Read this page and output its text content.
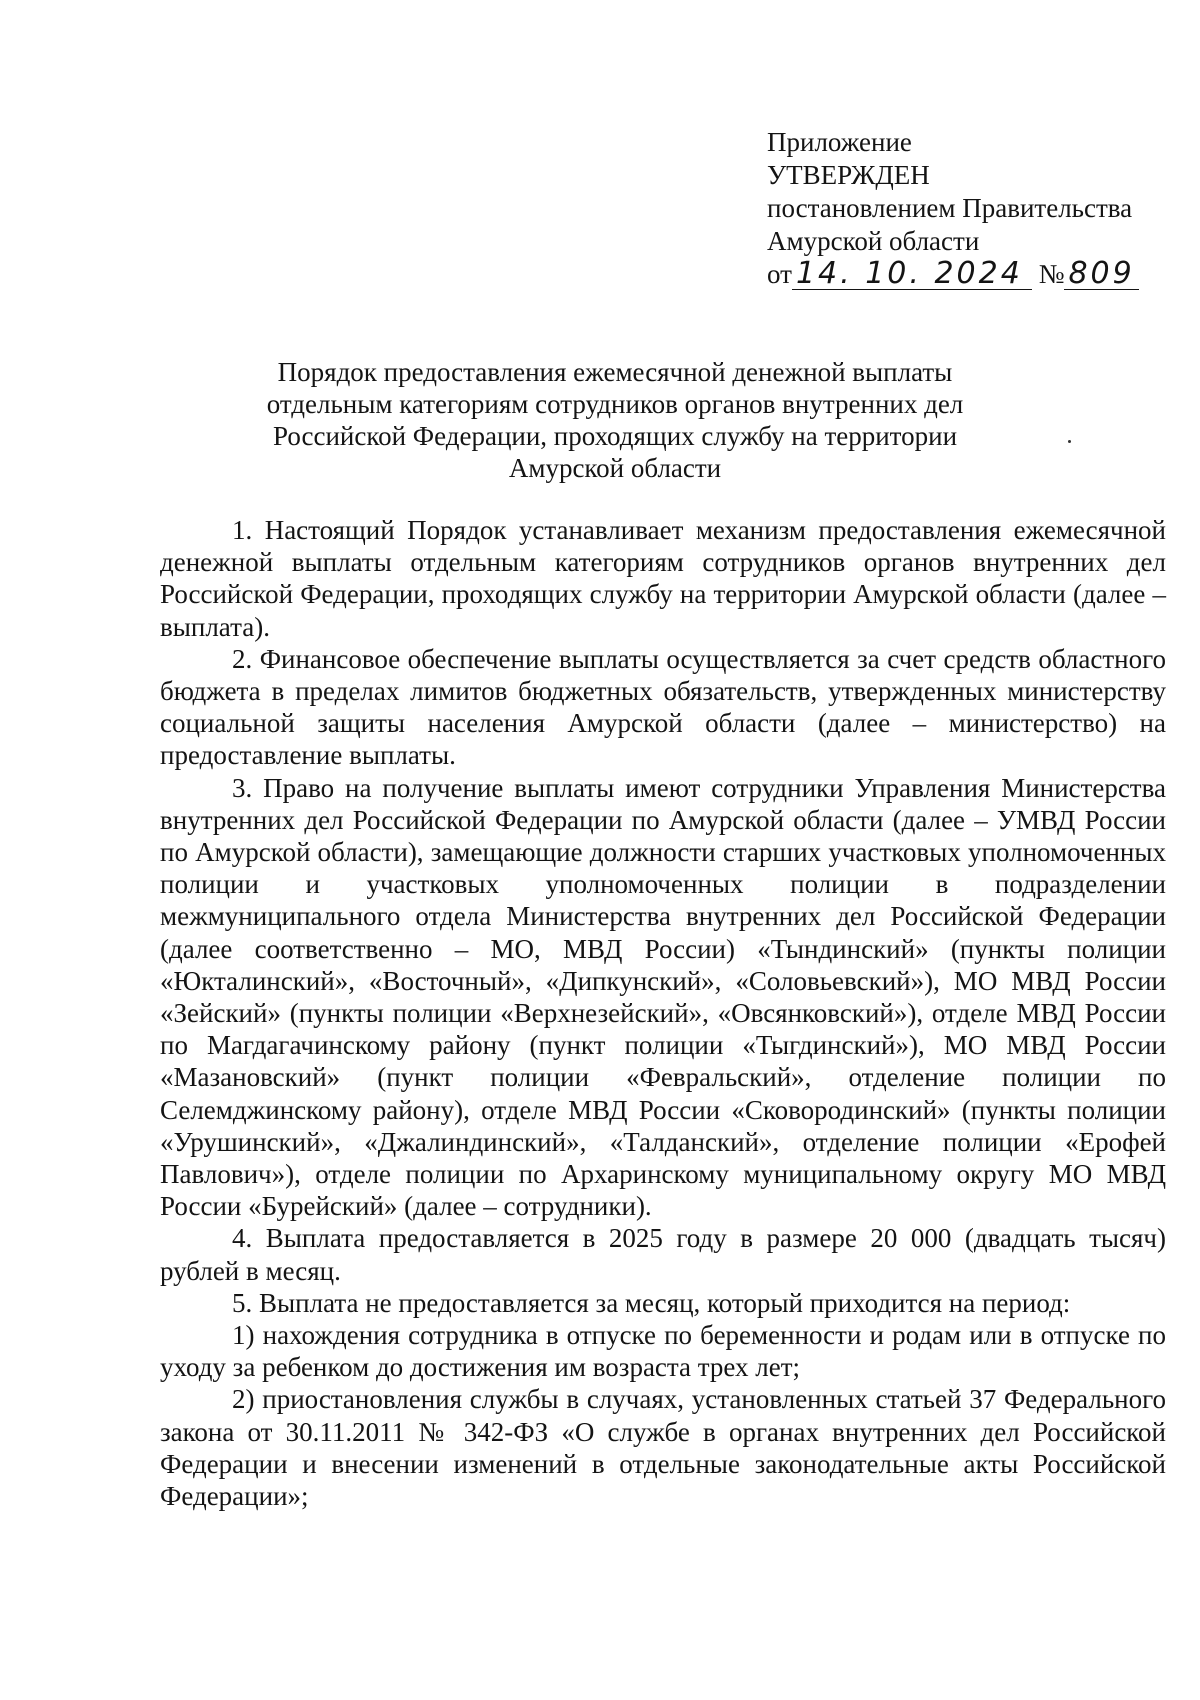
Приложение
УТВЕРЖДЕН
постановлением Правительства
Амурской области
от 14. 10. 2024 № 809
Порядок предоставления ежемесячной денежной выплаты
отдельным категориям сотрудников органов внутренних дел
Российской Федерации, проходящих службу на территории
Амурской области

1. Настоящий Порядок устанавливает механизм предоставления ежемесячной денежной выплаты отдельным категориям сотрудников органов внутренних дел Российской Федерации, проходящих службу на территории Амурской области (далее – выплата).

2. Финансовое обеспечение выплаты осуществляется за счет средств областного бюджета в пределах лимитов бюджетных обязательств, утвержденных министерству социальной защиты населения Амурской области (далее – министерство) на предоставление выплаты.

3. Право на получение выплаты имеют сотрудники Управления Министерства внутренних дел Российской Федерации по Амурской области (далее – УМВД России по Амурской области), замещающие должности старших участковых уполномоченных полиции и участковых уполномоченных полиции в подразделении межмуниципального отдела Министерства внутренних дел Российской Федерации (далее соответственно – МО, МВД России) «Тындинский» (пункты полиции «Юкталинский», «Восточный», «Дипкунский», «Соловьевский»), МО МВД России «Зейский» (пункты полиции «Верхнезейский», «Овсянковский»), отделе МВД России по Магдагачинскому району (пункт полиции «Тыгдинский»), МО МВД России «Мазановский» (пункт полиции «Февральский», отделение полиции по Селемджинскому району), отделе МВД России «Сковородинский» (пункты полиции «Урушинский», «Джалиндинский», «Талданский», отделение полиции «Ерофей Павлович»), отделе полиции по Архаринскому муниципальному округу МО МВД России «Бурейский» (далее – сотрудники).

4. Выплата предоставляется в 2025 году в размере 20 000 (двадцать тысяч) рублей в месяц.

5. Выплата не предоставляется за месяц, который приходится на период:

1) нахождения сотрудника в отпуске по беременности и родам или в отпуске по уходу за ребенком до достижения им возраста трех лет;

2) приостановления службы в случаях, установленных статьей 37 Федерального закона от 30.11.2011 № 342-ФЗ «О службе в органах внутренних дел Российской Федерации и внесении изменений в отдельные законодательные акты Российской Федерации»;
